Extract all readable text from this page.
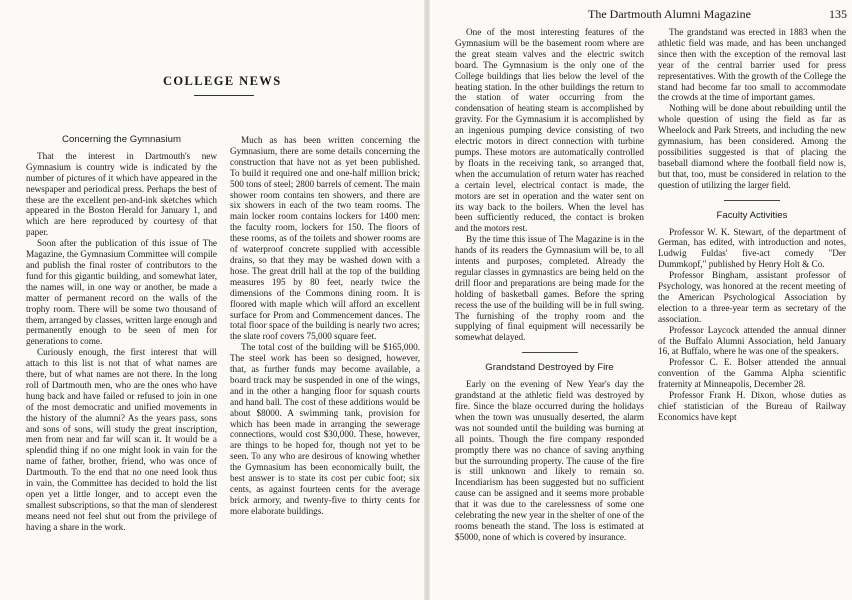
The Dartmouth Alumni Magazine	135
COLLEGE NEWS
Concerning the Gymnasium

That the interest in Dartmouth's new Gymnasium is country wide is indicated by the number of pictures of it which have appeared in the newspaper and periodical press. Perhaps the best of these are the excellent pen-and-ink sketches which appeared in the Boston Herald for January 1, and which are here reproduced by courtesy of that paper.

Soon after the publication of this issue of The Magazine, the Gymnasium Committee will compile and publish the final roster of contributors to the fund for this gigantic building, and somewhat later, the names will, in one way or another, be made a matter of permanent record on the walls of the trophy room. There will be some two thousand of them, arranged by classes, written large enough and permanently enough to be seen of men for generations to come.

Curiously enough, the first interest that will attach to this list is not that of what names are there, but of what names are not there. In the long roll of Dartmouth men, who are the ones who have hung back and have failed or refused to join in one of the most democratic and unified movements in the history of the alumni? As the years pass, sons and sons of sons, will study the great inscription, men from near and far will scan it. It would be a splendid thing if no one might look in vain for the name of father, brother, friend, who was once of Dartmouth. To the end that no one need look thus in vain, the Committee has decided to hold the list open yet a little longer, and to accept even the smallest subscriptions, so that the man of slenderest means need not feel shut out from the privilege of having a share in the work.

Much as has been written concerning the Gymnasium, there are some details concerning the construction that have not as yet been published. To build it required one and one-half million brick; 500 tons of steel; 2800 barrels of cement. The main shower room contains ten showers, and there are six showers in each of the two team rooms. The main locker room contains lockers for 1400 men: the faculty room, lockers for 150. The floors of these rooms, as of the toilets and shower rooms are of waterproof concrete supplied with accessible drains, so that they may be washed down with a hose. The great drill hall at the top of the building measures 195 by 80 feet, nearly twice the dimensions of the Commons dining room. It is floored with maple which will afford an excellent surface for Prom and Commencement dances. The total floor space of the building is nearly two acres; the slate roof covers 75,000 square feet.

The total cost of the building will be $165,000. The steel work has been so designed, however, that, as further funds may become available, a board track may be suspended in one of the wings, and in the other a hanging floor for squash courts and hand ball. The cost of these additions would be about $8000. A swimming tank, provision for which has been made in arranging the sewerage connections, would cost $30,000. These, however, are things to be hoped for, though not yet to be seen. To any who are desirous of knowing whether the Gymnasium has been economically built, the best answer is to state its cost per cubic foot; six cents, as against fourteen cents for the average brick armory, and twenty-five to thirty cents for more elaborate buildings.

One of the most interesting features of the Gymnasium will be the basement room where are the great steam valves and the electric switch board. The Gymnasium is the only one of the College buildings that lies below the level of the heating station. In the other buildings the return to the station of water occurring from the condensation of heating steam is accomplished by gravity. For the Gymnasium it is accomplished by an ingenious pumping device consisting of two electric motors in direct connection with turbine pumps. These motors are automatically controlled by floats in the receiving tank, so arranged that, when the accumulation of return water has reached a certain level, electrical contact is made, the motors are set in operation and the water sent on its way back to the boilers. When the level has been sufficiently reduced, the contact is broken and the motors rest.

By the time this issue of The Magazine is in the hands of its readers the Gymnasium will be, to all intents and purposes, completed. Already the regular classes in gymnastics are being held on the drill floor and preparations are being made for the holding of basketball games. Before the spring recess the use of the building will be in full swing. The furnishing of the trophy room and the supplying of final equipment will necessarily be somewhat delayed.

Grandstand Destroyed by Fire

Early on the evening of New Year's day the grandstand at the athletic field was destroyed by fire. Since the blaze occurred during the holidays when the town was unusually deserted, the alarm was not sounded until the building was burning at all points. Though the fire company responded promptly there was no chance of saving anything but the surrounding property. The cause of the fire is still unknown and likely to remain so. Incendiarism has been suggested but no sufficient cause can be assigned and it seems more probable that it was due to the carelessness of some one celebrating the new year in the shelter of one of the rooms beneath the stand. The loss is estimated at $5000, none of which is covered by insurance.

The grandstand was erected in 1883 when the athletic field was made, and has been unchanged since then with the exception of the removal last year of the central barrier used for press representatives. With the growth of the College the stand had become far too small to accommodate the crowds at the time of important games.

Nothing will be done about rebuilding until the whole question of using the field as far as Wheelock and Park Streets, and including the new gymnasium, has been considered. Among the possibilities suggested is that of placing the baseball diamond where the football field now is, but that, too, must be considered in relation to the question of utilizing the larger field.

Faculty Activities

Professor W. K. Stewart, of the department of German, has edited, with introduction and notes, Ludwig Fuldas' five-act comedy "Der Dummkopf," published by Henry Holt & Co.

Professor Bingham, assistant professor of Psychology, was honored at the recent meeting of the American Psychological Association by election to a three-year term as secretary of the association.

Professor Laycock attended the annual dinner of the Buffalo Alumni Association, held January 16, at Buffalo, where he was one of the speakers.

Professor C. E. Bolser attended the annual convention of the Gamma Alpha scientific fraternity at Minneapolis, December 28.

Professor Frank H. Dixon, whose duties as chief statistician of the Bureau of Railway Economics have kept
